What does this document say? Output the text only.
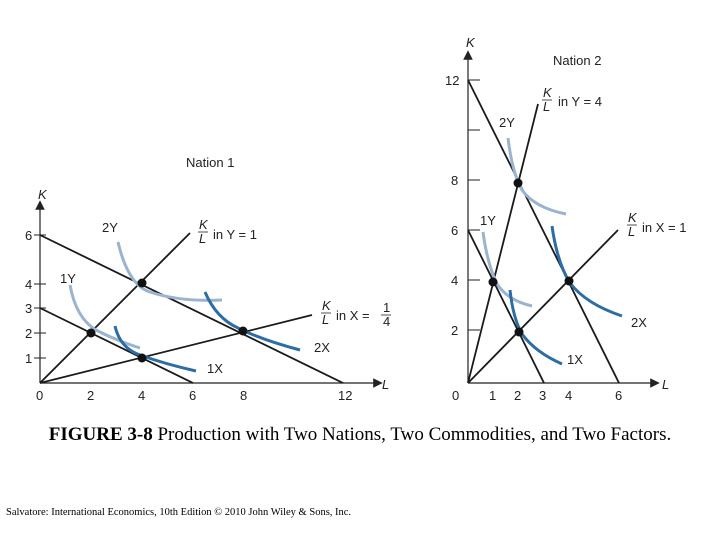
Nation 1
K
L
1
2
3
4
6
0	2	4	6	8	12
2Y
1Y
2X
1X
K
L in Y = 1
K
L in X =
1
4
Nation 2
K
L
2
4
6
8
12
0 1 2 3 4	6
2Y
1Y
2X
1X
K
L in Y = 4
K
L in X = 1
FIGURE 3-8 Production with Two Nations, Two Commodities, and Two Factors.
Salvatore: International Economics, 10th Edition © 2010 John Wiley & Sons, Inc.
